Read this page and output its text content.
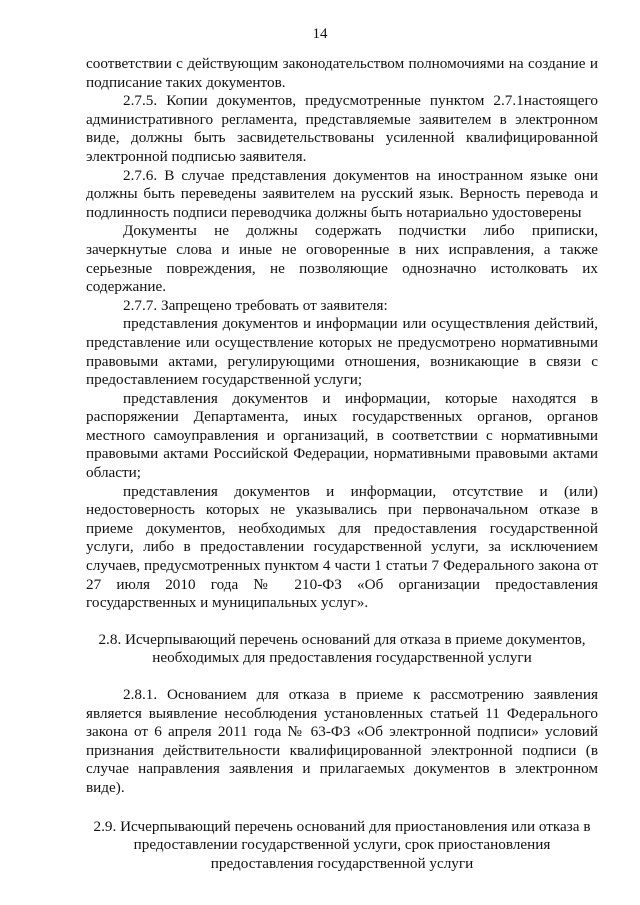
14

соответствии с действующим законодательством полномочиями на создание и подписание таких документов.

2.7.5. Копии документов, предусмотренные пунктом 2.7.1настоящего административного регламента, представляемые заявителем в электронном виде, должны быть засвидетельствованы усиленной квалифицированной электронной подписью заявителя.

2.7.6. В случае представления документов на иностранном языке они должны быть переведены заявителем на русский язык. Верность перевода и подлинность подписи переводчика должны быть нотариально удостоверены

Документы не должны содержать подчистки либо приписки, зачеркнутые слова и иные не оговоренные в них исправления, а также серьезные повреждения, не позволяющие однозначно истолковать их содержание.

2.7.7. Запрещено требовать от заявителя:

представления документов и информации или осуществления действий, представление или осуществление которых не предусмотрено нормативными правовыми актами, регулирующими отношения, возникающие в связи с предоставлением государственной услуги;

представления документов и информации, которые находятся в распоряжении Департамента, иных государственных органов, органов местного самоуправления и организаций, в соответствии с нормативными правовыми актами Российской Федерации, нормативными правовыми актами области;

представления документов и информации, отсутствие и (или) недостоверность которых не указывались при первоначальном отказе в приеме документов, необходимых для предоставления государственной услуги, либо в предоставлении государственной услуги, за исключением случаев, предусмотренных пунктом 4 части 1 статьи 7 Федерального закона от 27 июля 2010 года № 210-ФЗ «Об организации предоставления государственных и муниципальных услуг».

2.8. Исчерпывающий перечень оснований для отказа в приеме документов, необходимых для предоставления государственной услуги

2.8.1. Основанием для отказа в приеме к рассмотрению заявления является выявление несоблюдения установленных статьей 11 Федерального закона от 6 апреля 2011 года № 63-ФЗ «Об электронной подписи» условий признания действительности квалифицированной электронной подписи (в случае направления заявления и прилагаемых документов в электронном виде).

2.9. Исчерпывающий перечень оснований для приостановления или отказа в предоставлении государственной услуги, срок приостановления предоставления государственной услуги
